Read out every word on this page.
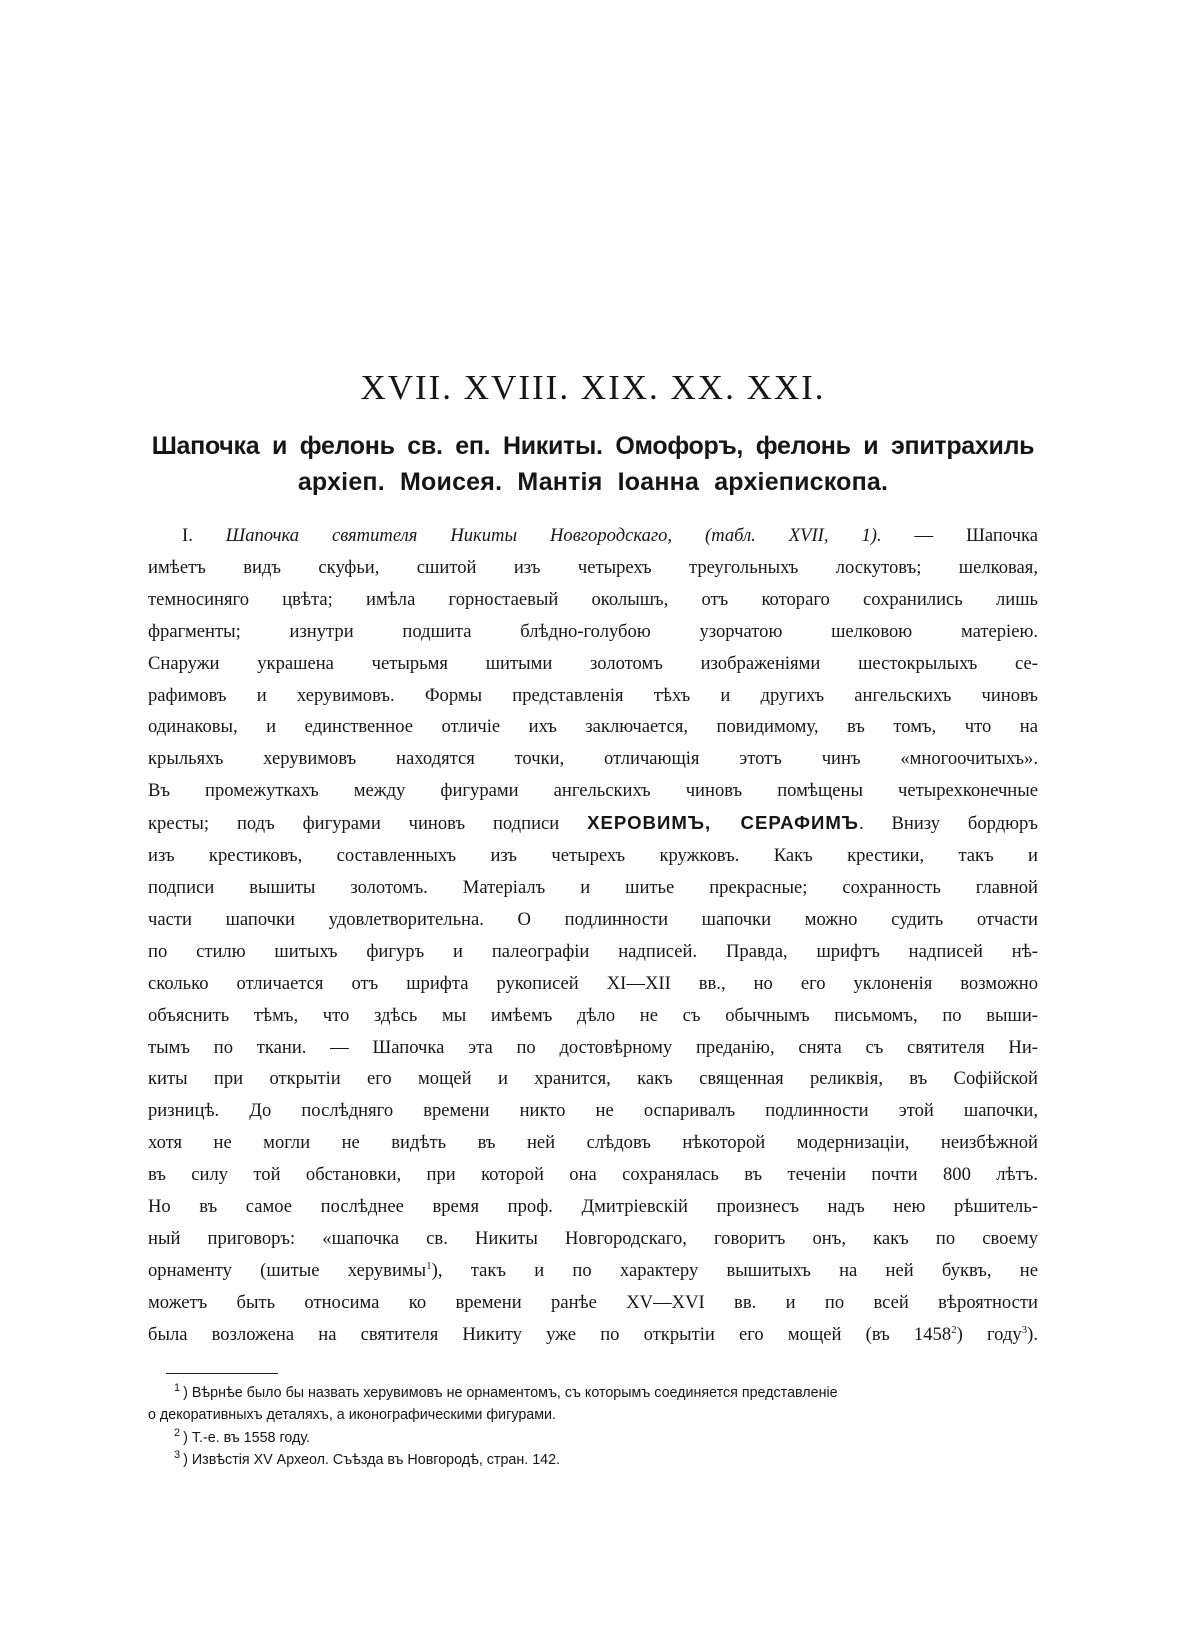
XVII. XVIII. XIX. XX. XXI.
Шапочка и фелонь св. еп. Никиты. Омофоръ, фелонь и эпитрахиль
архіеп. Моисея. Мантія Іоанна архіепископа.
I. Шапочка святителя Никиты Новгородскаго, (табл. XVII, 1). — Шапочка
имѣетъ видъ скуфьи, сшитой изъ четырехъ треугольныхъ лоскутовъ; шелковая,
темносиняго цвѣта; имѣла горностаевый околышъ, отъ котораго сохранились лишь
фрагменты; изнутри подшита блѣдно-голубою узорчатою шелковою матеріею.
Снаружи украшена четырьмя шитыми золотомъ изображеніями шестокрылыхъ се-
рафимовъ и херувимовъ. Формы представленія тѣхъ и другихъ ангельскихъ чиновъ
одинаковы, и единственное отличіе ихъ заключается, повидимому, въ томъ, что на
крыльяхъ херувимовъ находятся точки, отличающія этотъ чинъ «многоочитыхъ».
Въ промежуткахъ между фигурами ангельскихъ чиновъ помѣщены четырехконечные
кресты; подъ фигурами чиновъ подписи ХЕРОВИМЪ, СЕРАФИМЪ. Внизу бордюръ
изъ крестиковъ, составленныхъ изъ четырехъ кружковъ. Какъ крестики, такъ и
подписи вышиты золотомъ. Матеріалъ и шитье прекрасные; сохранность главной
части шапочки удовлетворительна. О подлинности шапочки можно судить отчасти
по стилю шитыхъ фигуръ и палеографіи надписей. Правда, шрифтъ надписей нѣ-
сколько отличается отъ шрифта рукописей XI—XII вв., но его уклоненія возможно
объяснить тѣмъ, что здѣсь мы имѣемъ дѣло не съ обычнымъ письмомъ, по выши-
тымъ по ткани. — Шапочка эта по достовѣрному преданію, снята съ святителя Ни-
киты при открытіи его мощей и хранится, какъ священная реликвія, въ Софійской
ризницѣ. До послѣдняго времени никто не оспаривалъ подлинности этой шапочки,
хотя не могли не видѣть въ ней слѣдовъ нѣкоторой модернизаціи, неизбѣжной
въ силу той обстановки, при которой она сохранялась въ теченіи почти 800 лѣтъ.
Но въ самое послѣднее время проф. Дмитріевскій произнесъ надъ нею рѣшитель-
ный приговоръ: «шапочка св. Никиты Новгородскаго, говоритъ онъ, какъ по своему
орнаменту (шитые херувимы$^1$), такъ и по характеру вышитыхъ на ней буквъ, не
можетъ быть относима ко времени ранѣе XV—XVI вв. и по всей вѣроятности
была возложена на святителя Никиту уже по открытіи его мощей (въ 1458$^2$) году$^3$).
$^1$ ) Вѣрнѣе было бы назвать херувимовъ не орнаментомъ, съ которымъ соединяется представленіе
о декоративныхъ деталяхъ, а иконографическими фигурами.
$^2$ ) Т.-е. въ 1558 году.
$^3$ ) Извѣстія XV Археол. Съѣзда въ Новгородѣ, стран. 142.
